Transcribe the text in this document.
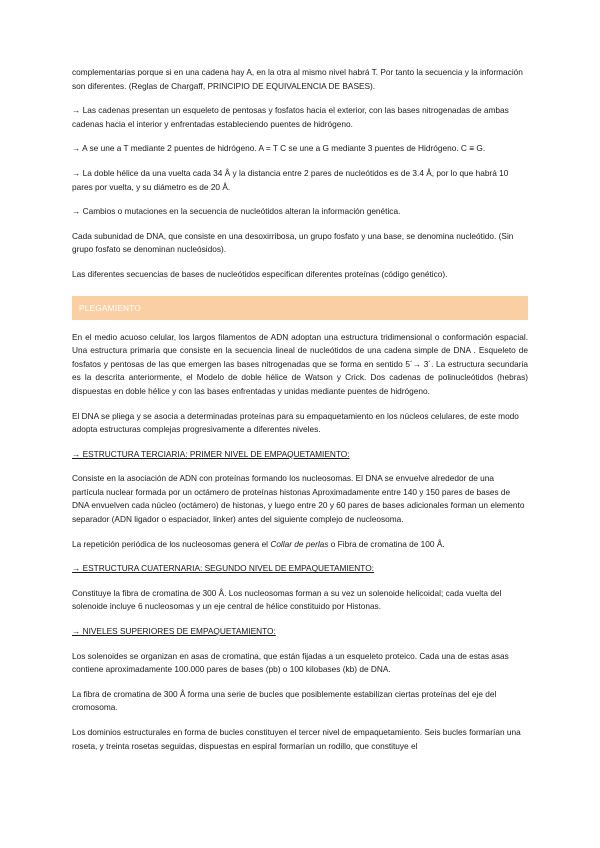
complementarias porque si en una cadena hay A, en la otra al mismo nivel habrá T. Por tanto la secuencia y la información son diferentes. (Reglas de Chargaff, PRINCIPIO DE EQUIVALENCIA DE BASES).

→ Las cadenas presentan un esqueleto de pentosas y fosfatos hacia el exterior, con las bases nitrogenadas de ambas cadenas hacia el interior y enfrentadas estableciendo puentes de hidrógeno.

→ A se une a T mediante 2 puentes de hidrógeno. A = T C se une a G mediante 3 puentes de Hidrógeno. C ≡ G.

→ La doble hélice da una vuelta cada 34 Å y la distancia entre 2 pares de nucleótidos es de 3.4 Å, por lo que habrá 10 pares por vuelta, y su diámetro es de 20 Å.

→ Cambios o mutaciones en la secuencia de nucleótidos alteran la información genética.

Cada subunidad de DNA, que consiste en una desoxirribosa, un grupo fosfato y una base, se denomina nucleótido. (Sin grupo fosfato se denominan nucleósidos).

Las diferentes secuencias de bases de nucleótidos especifican diferentes proteínas (código genético).

PLEGAMIENTO

En el medio acuoso celular, los largos filamentos de ADN adoptan una estructura tridimensional o conformación espacial. Una estructura primaria que consiste en la secuencia lineal de nucleótidos de una cadena simple de DNA . Esqueleto de fosfatos y pentosas de las que emergen las bases nitrogenadas que se forma en sentido 5´→ 3´. La estructura secundaria es la descrita anteriormente, el Modelo de doble hélice de Watson y Crick. Dos cadenas de polinucleótidos (hebras) dispuestas en doble hélice y con las bases enfrentadas y unidas mediante puentes de hidrógeno.

El DNA se pliega y se asocia a determinadas proteínas para su empaquetamiento en los núcleos celulares, de este modo adopta estructuras complejas progresivamente a diferentes niveles.

→ ESTRUCTURA TERCIARIA: PRIMER NIVEL DE EMPAQUETAMIENTO:

Consiste en la asociación de ADN con proteínas formando los nucleosomas. El DNA se envuelve alrededor de una partícula nuclear formada por un octámero de proteínas histonas Aproximadamente entre 140 y 150 pares de bases de DNA envuelven cada núcleo (octámero) de histonas, y luego entre 20 y 60 pares de bases adicionales forman un elemento separador (ADN ligador o espaciador, linker) antes del siguiente complejo de nucleosoma.

La repetición periódica de los nucleosomas genera el Collar de perlas o Fibra de cromatina de 100 Å.

→ ESTRUCTURA CUATERNARIA: SEGUNDO NIVEL DE EMPAQUETAMIENTO:

Constituye la fibra de cromatina de 300 Å. Los nucleosomas forman a su vez un solenoide helicoidal; cada vuelta del solenoide incluye 6 nucleosomas y un eje central de hélice constituido por Histonas.

→ NIVELES SUPERIORES DE EMPAQUETAMIENTO:

Los solenoides se organizan en asas de cromatina, que están fijadas a un esqueleto proteico. Cada una de estas asas contiene aproximadamente 100.000 pares de bases (pb) o 100 kilobases (kb) de DNA.

La fibra de cromatina de 300 Å forma una serie de bucles que posiblemente estabilizan ciertas proteínas del eje del cromosoma.

Los dominios estructurales en forma de bucles constituyen el tercer nivel de empaquetamiento. Seis bucles formarían una roseta, y treinta rosetas seguidas, dispuestas en espiral formarían un rodillo, que constituye el
